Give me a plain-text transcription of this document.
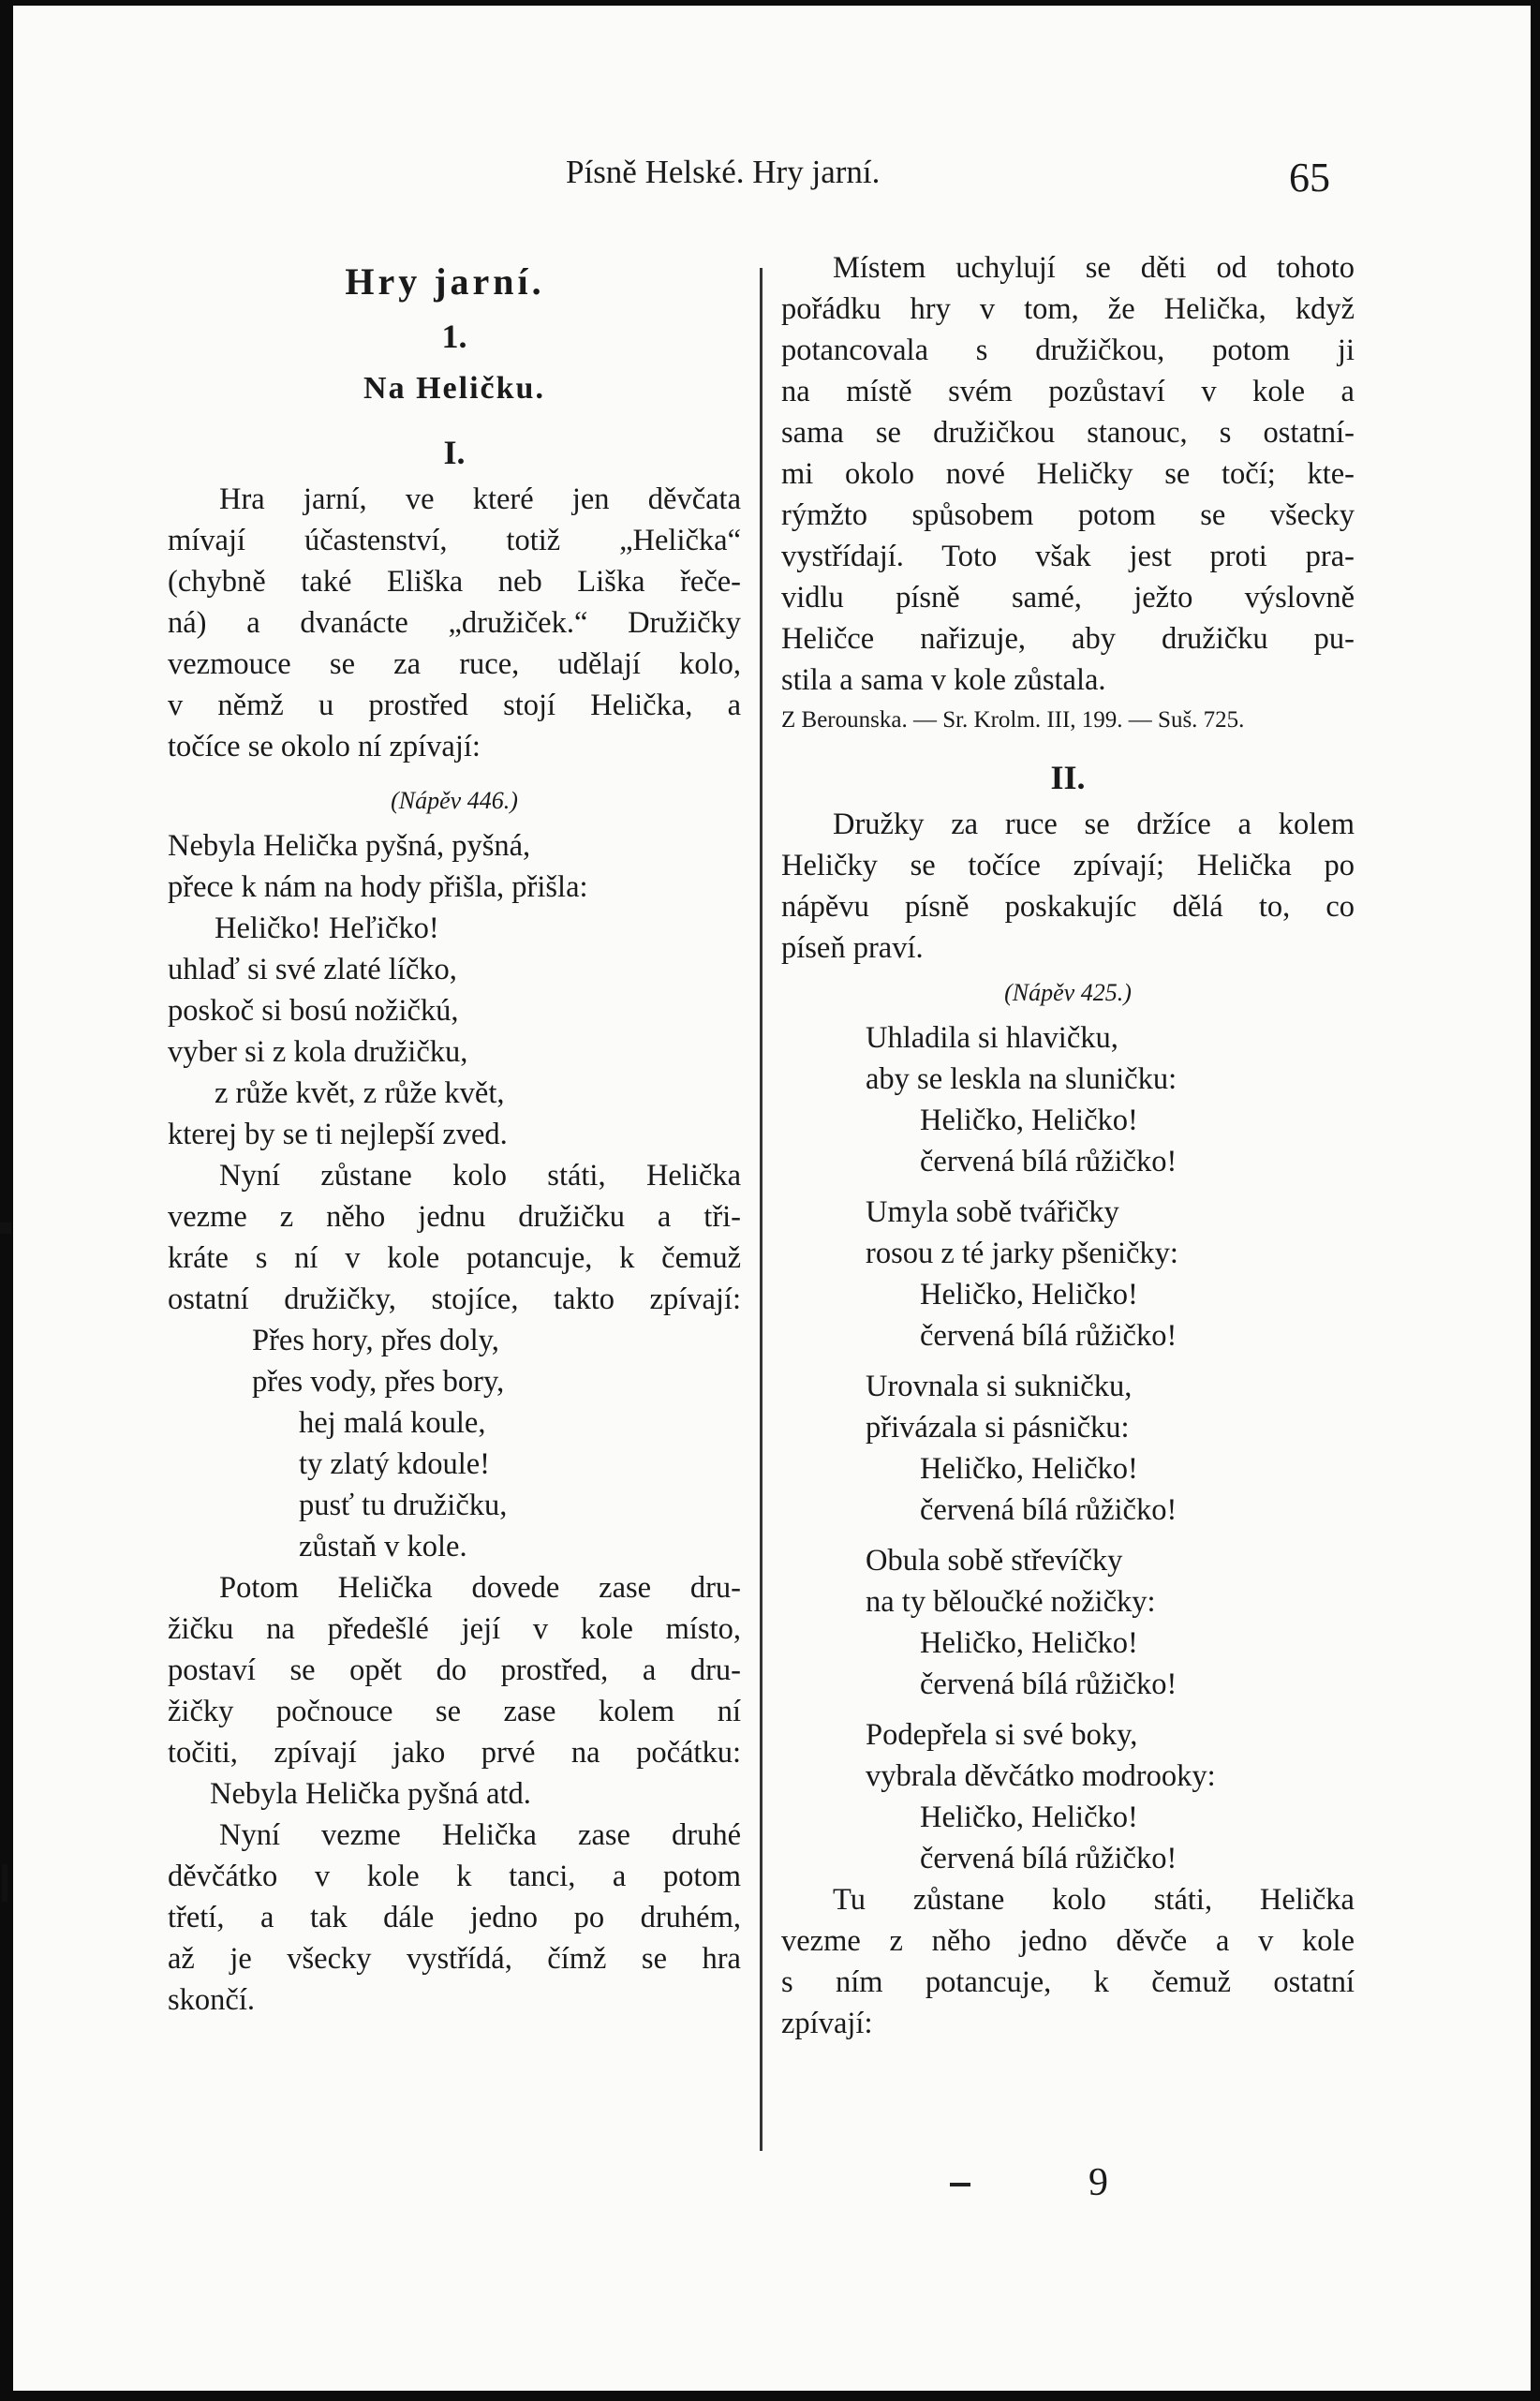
Písně Helské. Hry jarní.	65
Hry jarní.
1.
Na Heličku.
I.
Hra jarní, ve které jen děvčata
mívají účastenství, totiž „Helička“
(chybně také Eliška neb Liška řeče-
ná) a dvanácte „družiček.“ Družičky
vezmouce se za ruce, udělají kolo,
v němž u prostřed stojí Helička, a
točíce se okolo ní zpívají:
(Nápěv 446.)
Nebyla Helička pyšná, pyšná,
přece k nám na hody přišla, přišla:
Heličko! Heľičko!
uhlaď si své zlaté líčko,
poskoč si bosú nožičkú,
vyber si z kola družičku,
z růže květ, z růže květ,
kterej by se ti nejlepší zved.
Nyní zůstane kolo státi, Helička
vezme z něho jednu družičku a tři-
kráte s ní v kole potancuje, k čemuž
ostatní družičky, stojíce, takto zpívají:
Přes hory, přes doly,
přes vody, přes bory,
hej malá koule,
ty zlatý kdoule!
pusť tu družičku,
zůstaň v kole.
Potom Helička dovede zase dru-
žičku na předešlé její v kole místo,
postaví se opět do prostřed, a dru-
žičky počnouce se zase kolem ní
točiti, zpívají jako prvé na počátku:
Nebyla Helička pyšná atd.
Nyní vezme Helička zase druhé
děvčátko v kole k tanci, a potom
třetí, a tak dále jedno po druhém,
až je všecky vystřídá, čímž se hra
skončí.
Místem uchylují se děti od tohoto
pořádku hry v tom, že Helička, když
potancovala s družičkou, potom ji
na místě svém pozůstaví v kole a
sama se družičkou stanouc, s ostatní-
mi okolo nové Heličky se točí; kte-
rýmžto spůsobem potom se všecky
vystřídají. Toto však jest proti pra-
vidlu písně samé, ježto výslovně
Heličce nařizuje, aby družičku pu-
stila a sama v kole zůstala.
Z Berounska. — Sr. Krolm. III, 199. — Suš. 725.
II.
Družky za ruce se držíce a kolem
Heličky se točíce zpívají; Helička po
nápěvu písně poskakujíc dělá to, co
píseň praví.
(Nápěv 425.)
Uhladila si hlavičku,
aby se leskla na sluničku:
Heličko, Heličko!
červená bílá růžičko!
Umyla sobě tvářičky
rosou z té jarky pšeničky:
Heličko, Heličko!
červená bílá růžičko!
Urovnala si sukničku,
přivázala si pásničku:
Heličko, Heličko!
červená bílá růžičko!
Obula sobě střevíčky
na ty běloučké nožičky:
Heličko, Heličko!
červená bílá růžičko!
Podepřela si své boky,
vybrala děvčátko modrooky:
Heličko, Heličko!
červená bílá růžičko!
Tu zůstane kolo státi, Helička
vezme z něho jedno děvče a v kole
s ním potancuje, k čemuž ostatní
zpívají:
9
